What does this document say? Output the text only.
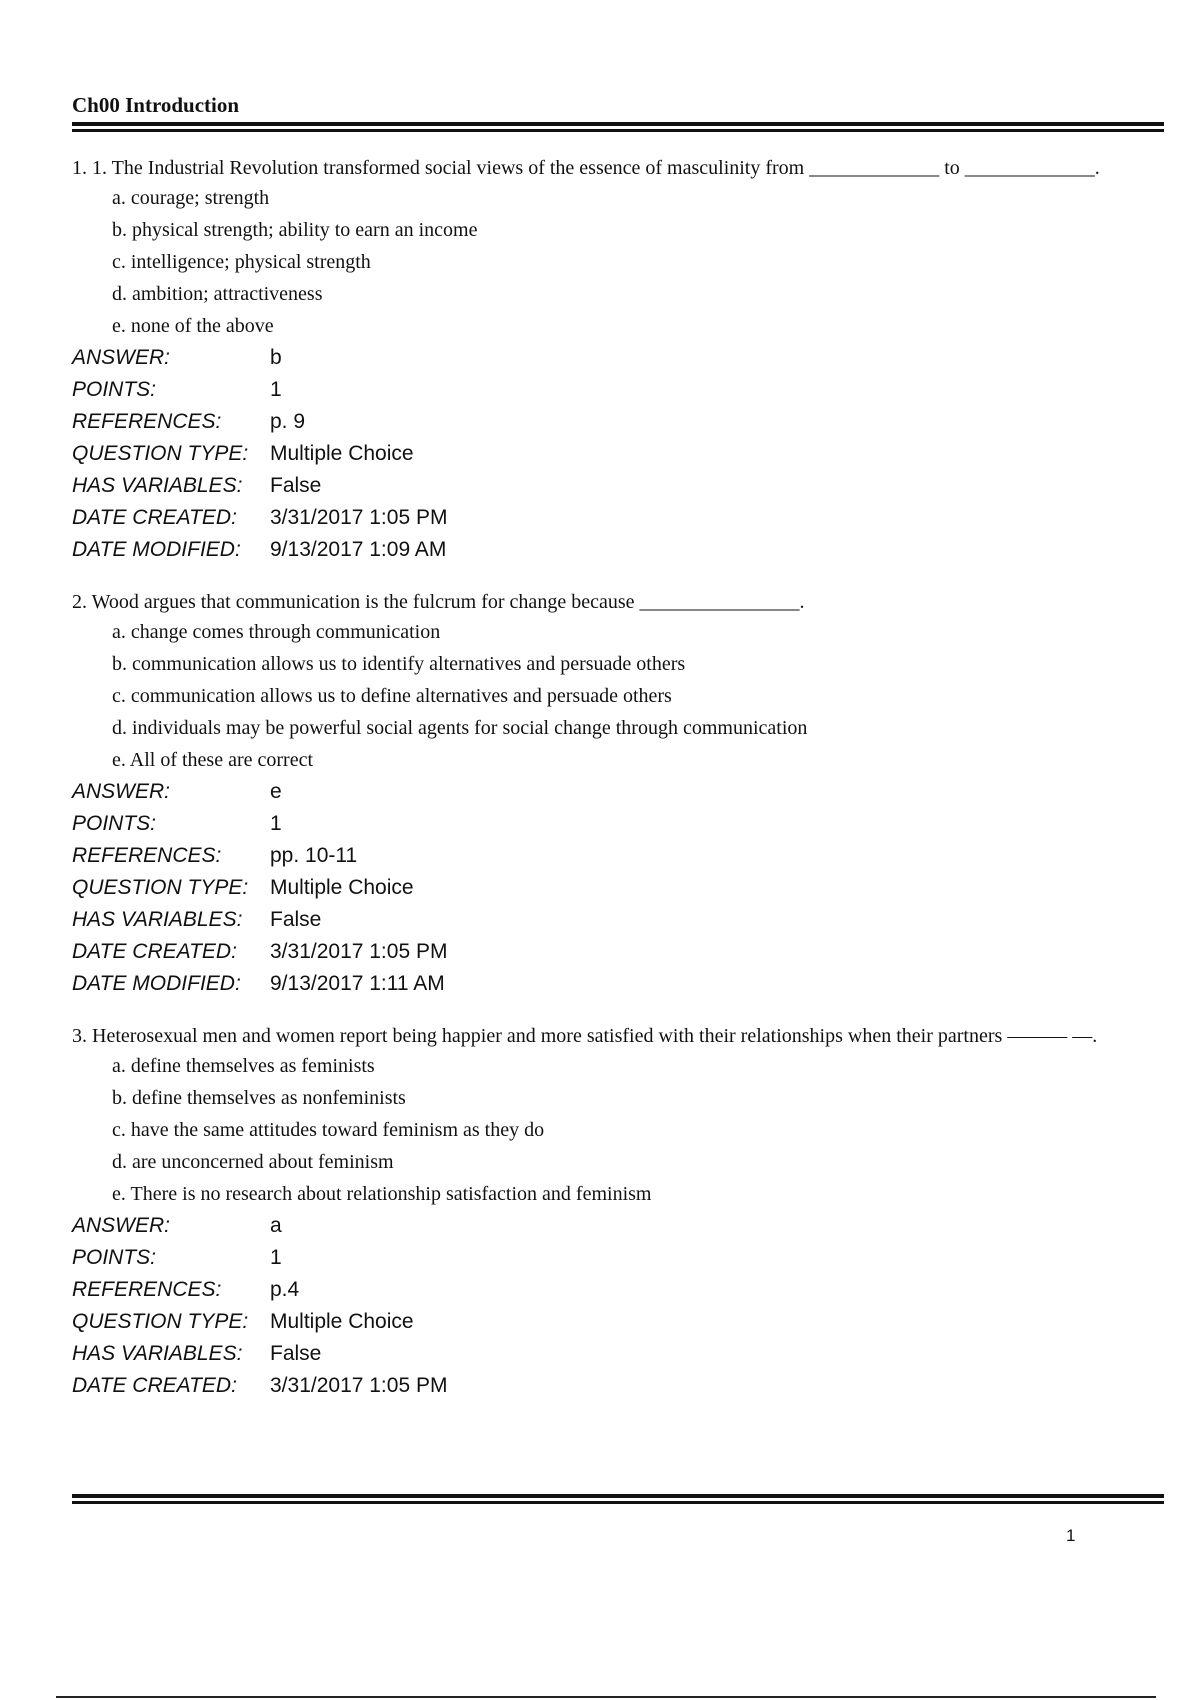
Ch00 Introduction

1. 1. The Industrial Revolution transformed social views of the essence of masculinity from _____________ to _____________.

a. courage; strength
b. physical strength; ability to earn an income
c. intelligence; physical strength
d. ambition; attractiveness
e. none of the above
ANSWER:	b
POINTS:	1
REFERENCES:	p. 9
QUESTION TYPE:	Multiple Choice
HAS VARIABLES:	False
DATE CREATED:	3/31/2017 1:05 PM
DATE MODIFIED:	9/13/2017 1:09 AM

2. Wood argues that communication is the fulcrum for change because ________________.

a. change comes through communication
b. communication allows us to identify alternatives and persuade others
c. communication allows us to define alternatives and persuade others
d. individuals may be powerful social agents for social change through communication
e. All of these are correct
ANSWER:	e
POINTS:	1
REFERENCES:	pp. 10-11
QUESTION TYPE:	Multiple Choice
HAS VARIABLES:	False
DATE CREATED:	3/31/2017 1:05 PM
DATE MODIFIED:	9/13/2017 1:11 AM

3. Heterosexual men and women report being happier and more satisfied with their relationships when their partners ——— —.

a. define themselves as feminists
b. define themselves as nonfeminists
c. have the same attitudes toward feminism as they do
d. are unconcerned about feminism
e. There is no research about relationship satisfaction and feminism
ANSWER:	a
POINTS:	1
REFERENCES:	p.4
QUESTION TYPE:	Multiple Choice
HAS VARIABLES:	False
DATE CREATED:	3/31/2017 1:05 PM
1
